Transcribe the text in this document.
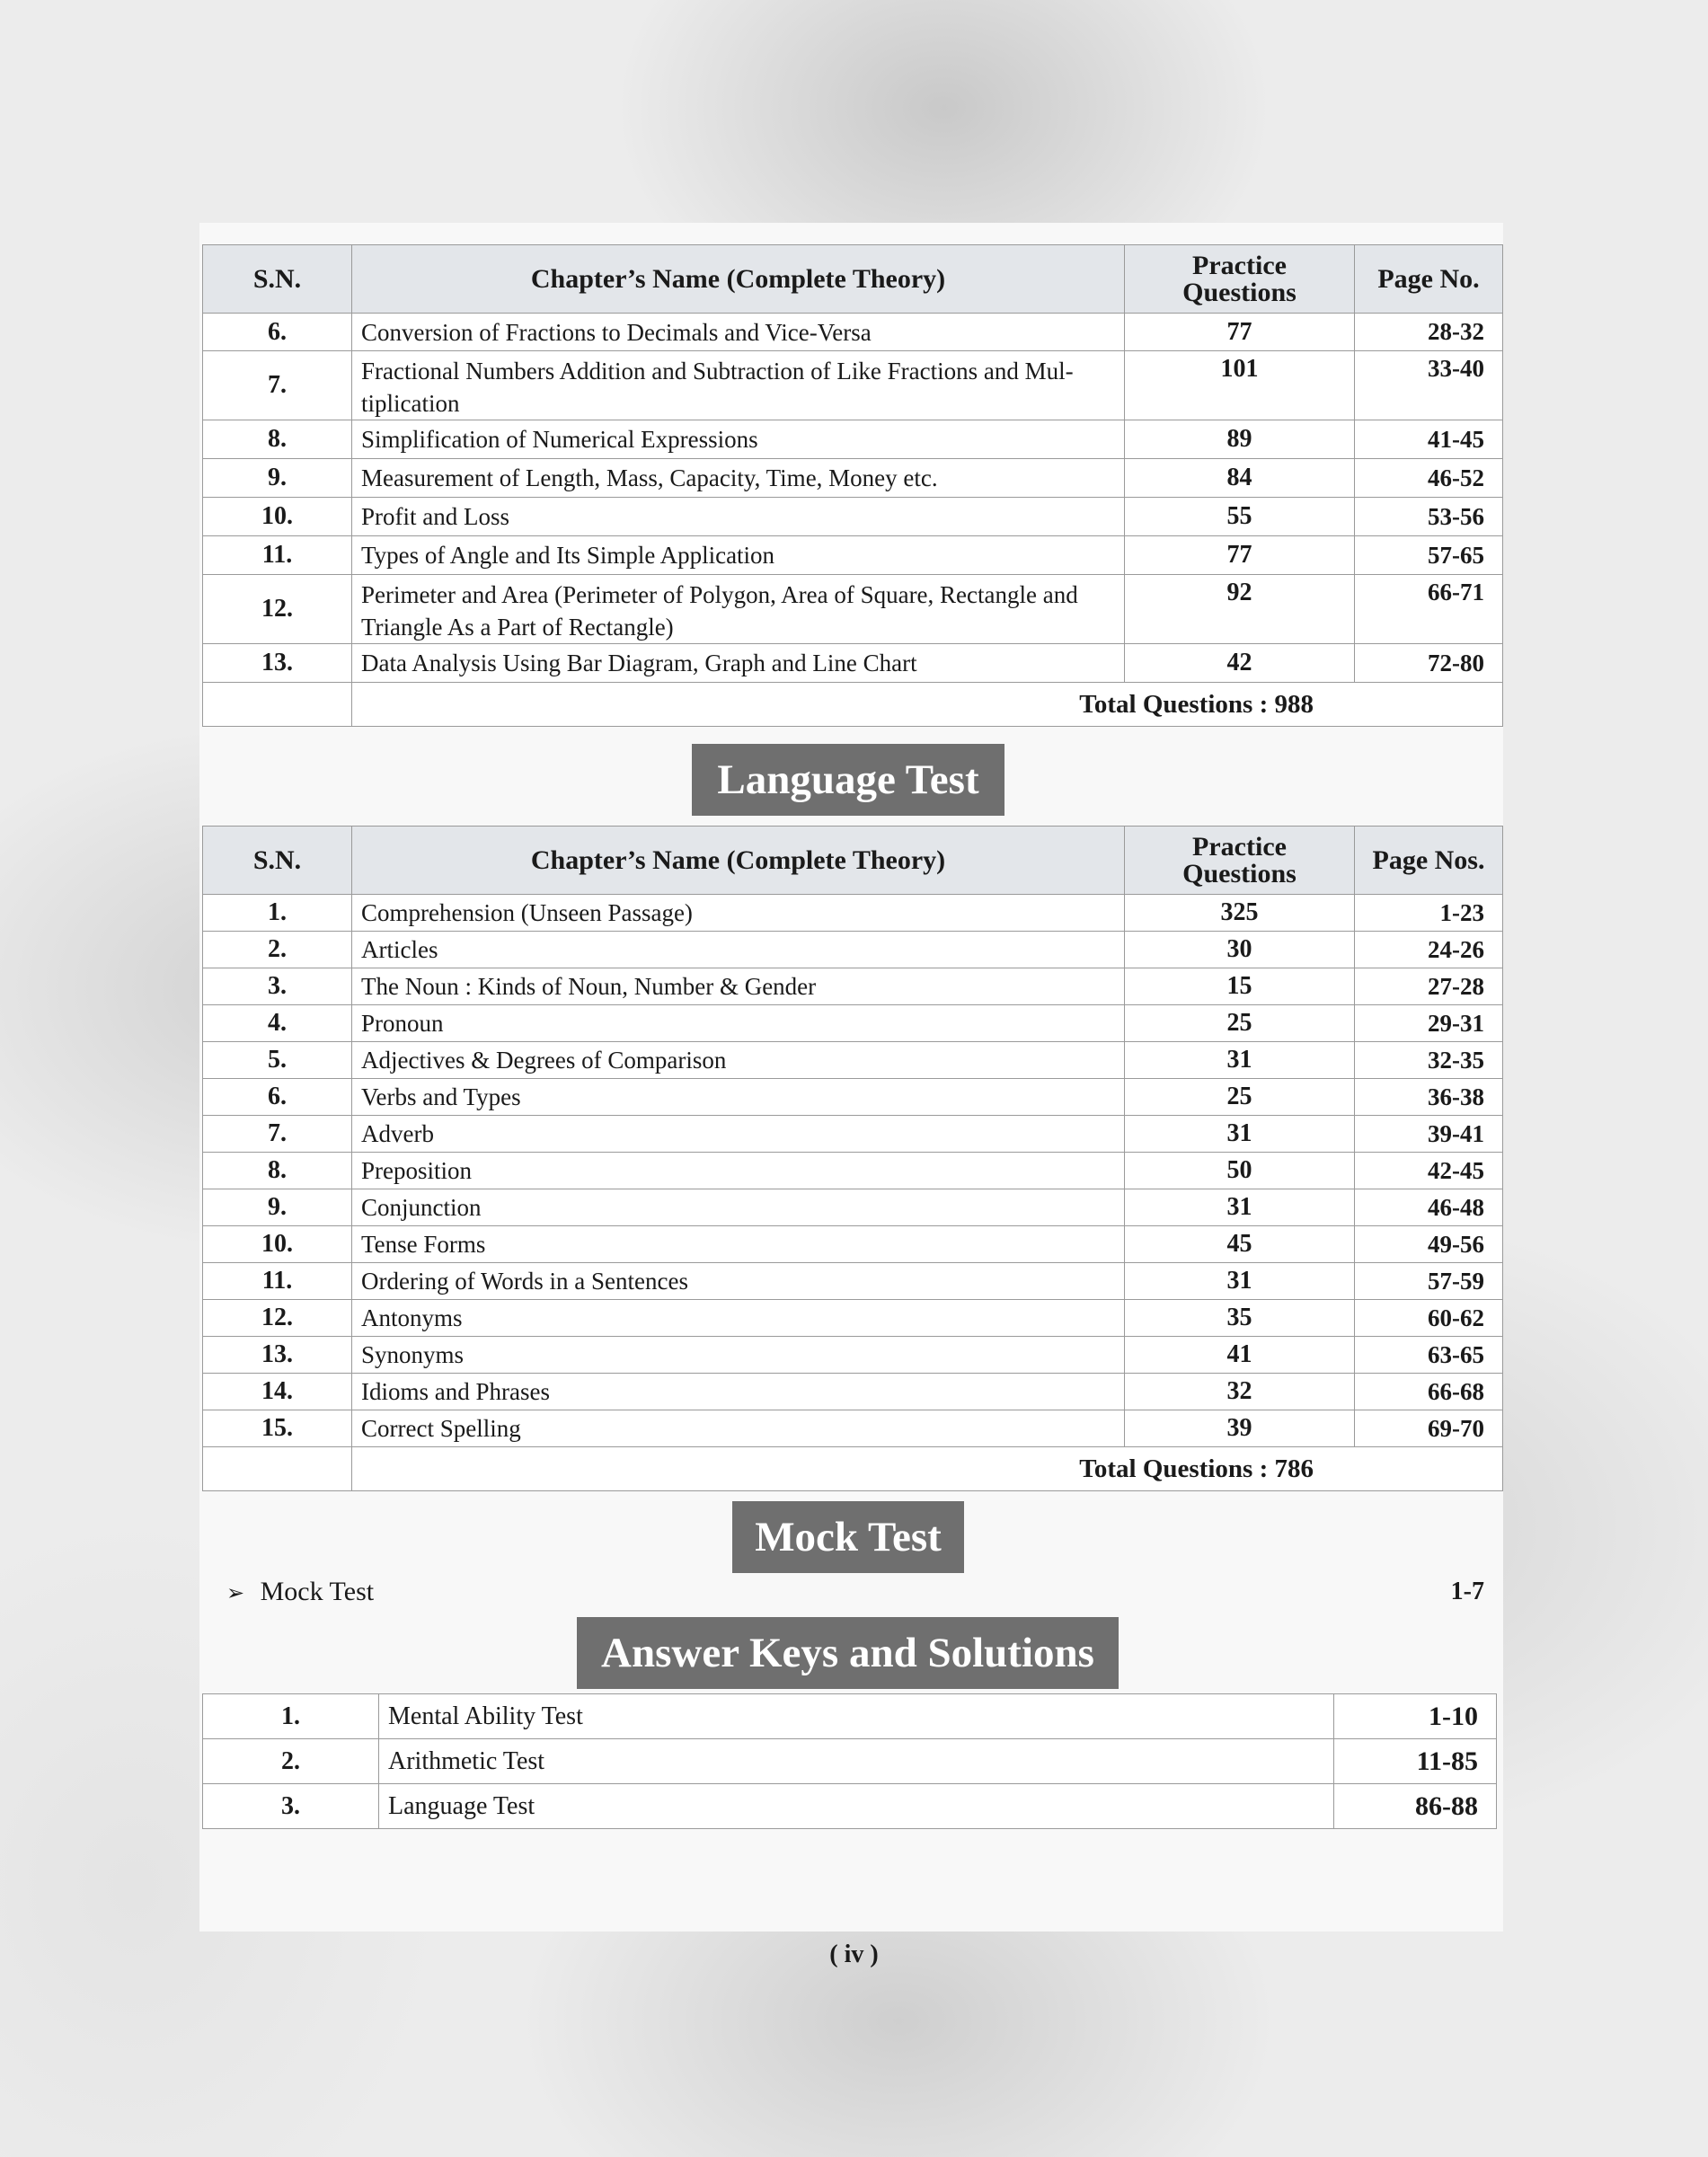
S.N.	Chapter’s Name (Complete Theory)	Practice Questions	Page No.
6.	Conversion of Fractions to Decimals and Vice-Versa	77	28-32
7.	Fractional Numbers Addition and Subtraction of Like Fractions and Mul-tiplication	101	33-40
8.	Simplification of Numerical Expressions	89	41-45
9.	Measurement of Length, Mass, Capacity, Time, Money etc.	84	46-52
10.	Profit and Loss	55	53-56
11.	Types of Angle and Its Simple Application	77	57-65
12.	Perimeter and Area (Perimeter of Polygon, Area of Square, Rectangle and Triangle As a Part of Rectangle)	92	66-71
13.	Data Analysis Using Bar Diagram, Graph and Line Chart	42	72-80
	Total Questions : 988		
Language Test
S.N.	Chapter’s Name (Complete Theory)	Practice Questions	Page Nos.
1.	Comprehension (Unseen Passage)	325	1-23
2.	Articles	30	24-26
3.	The Noun : Kinds of Noun, Number & Gender	15	27-28
4.	Pronoun	25	29-31
5.	Adjectives & Degrees of Comparison	31	32-35
6.	Verbs and Types	25	36-38
7.	Adverb	31	39-41
8.	Preposition	50	42-45
9.	Conjunction	31	46-48
10.	Tense Forms	45	49-56
11.	Ordering of Words in a Sentences	31	57-59
12.	Antonyms	35	60-62
13.	Synonyms	41	63-65
14.	Idioms and Phrases	32	66-68
15.	Correct Spelling	39	69-70
	Total Questions : 786		
Mock Test
➢ Mock Test	1-7
Answer Keys and Solutions
1.	Mental Ability Test	1-10
2.	Arithmetic Test	11-85
3.	Language Test	86-88
( iv )
